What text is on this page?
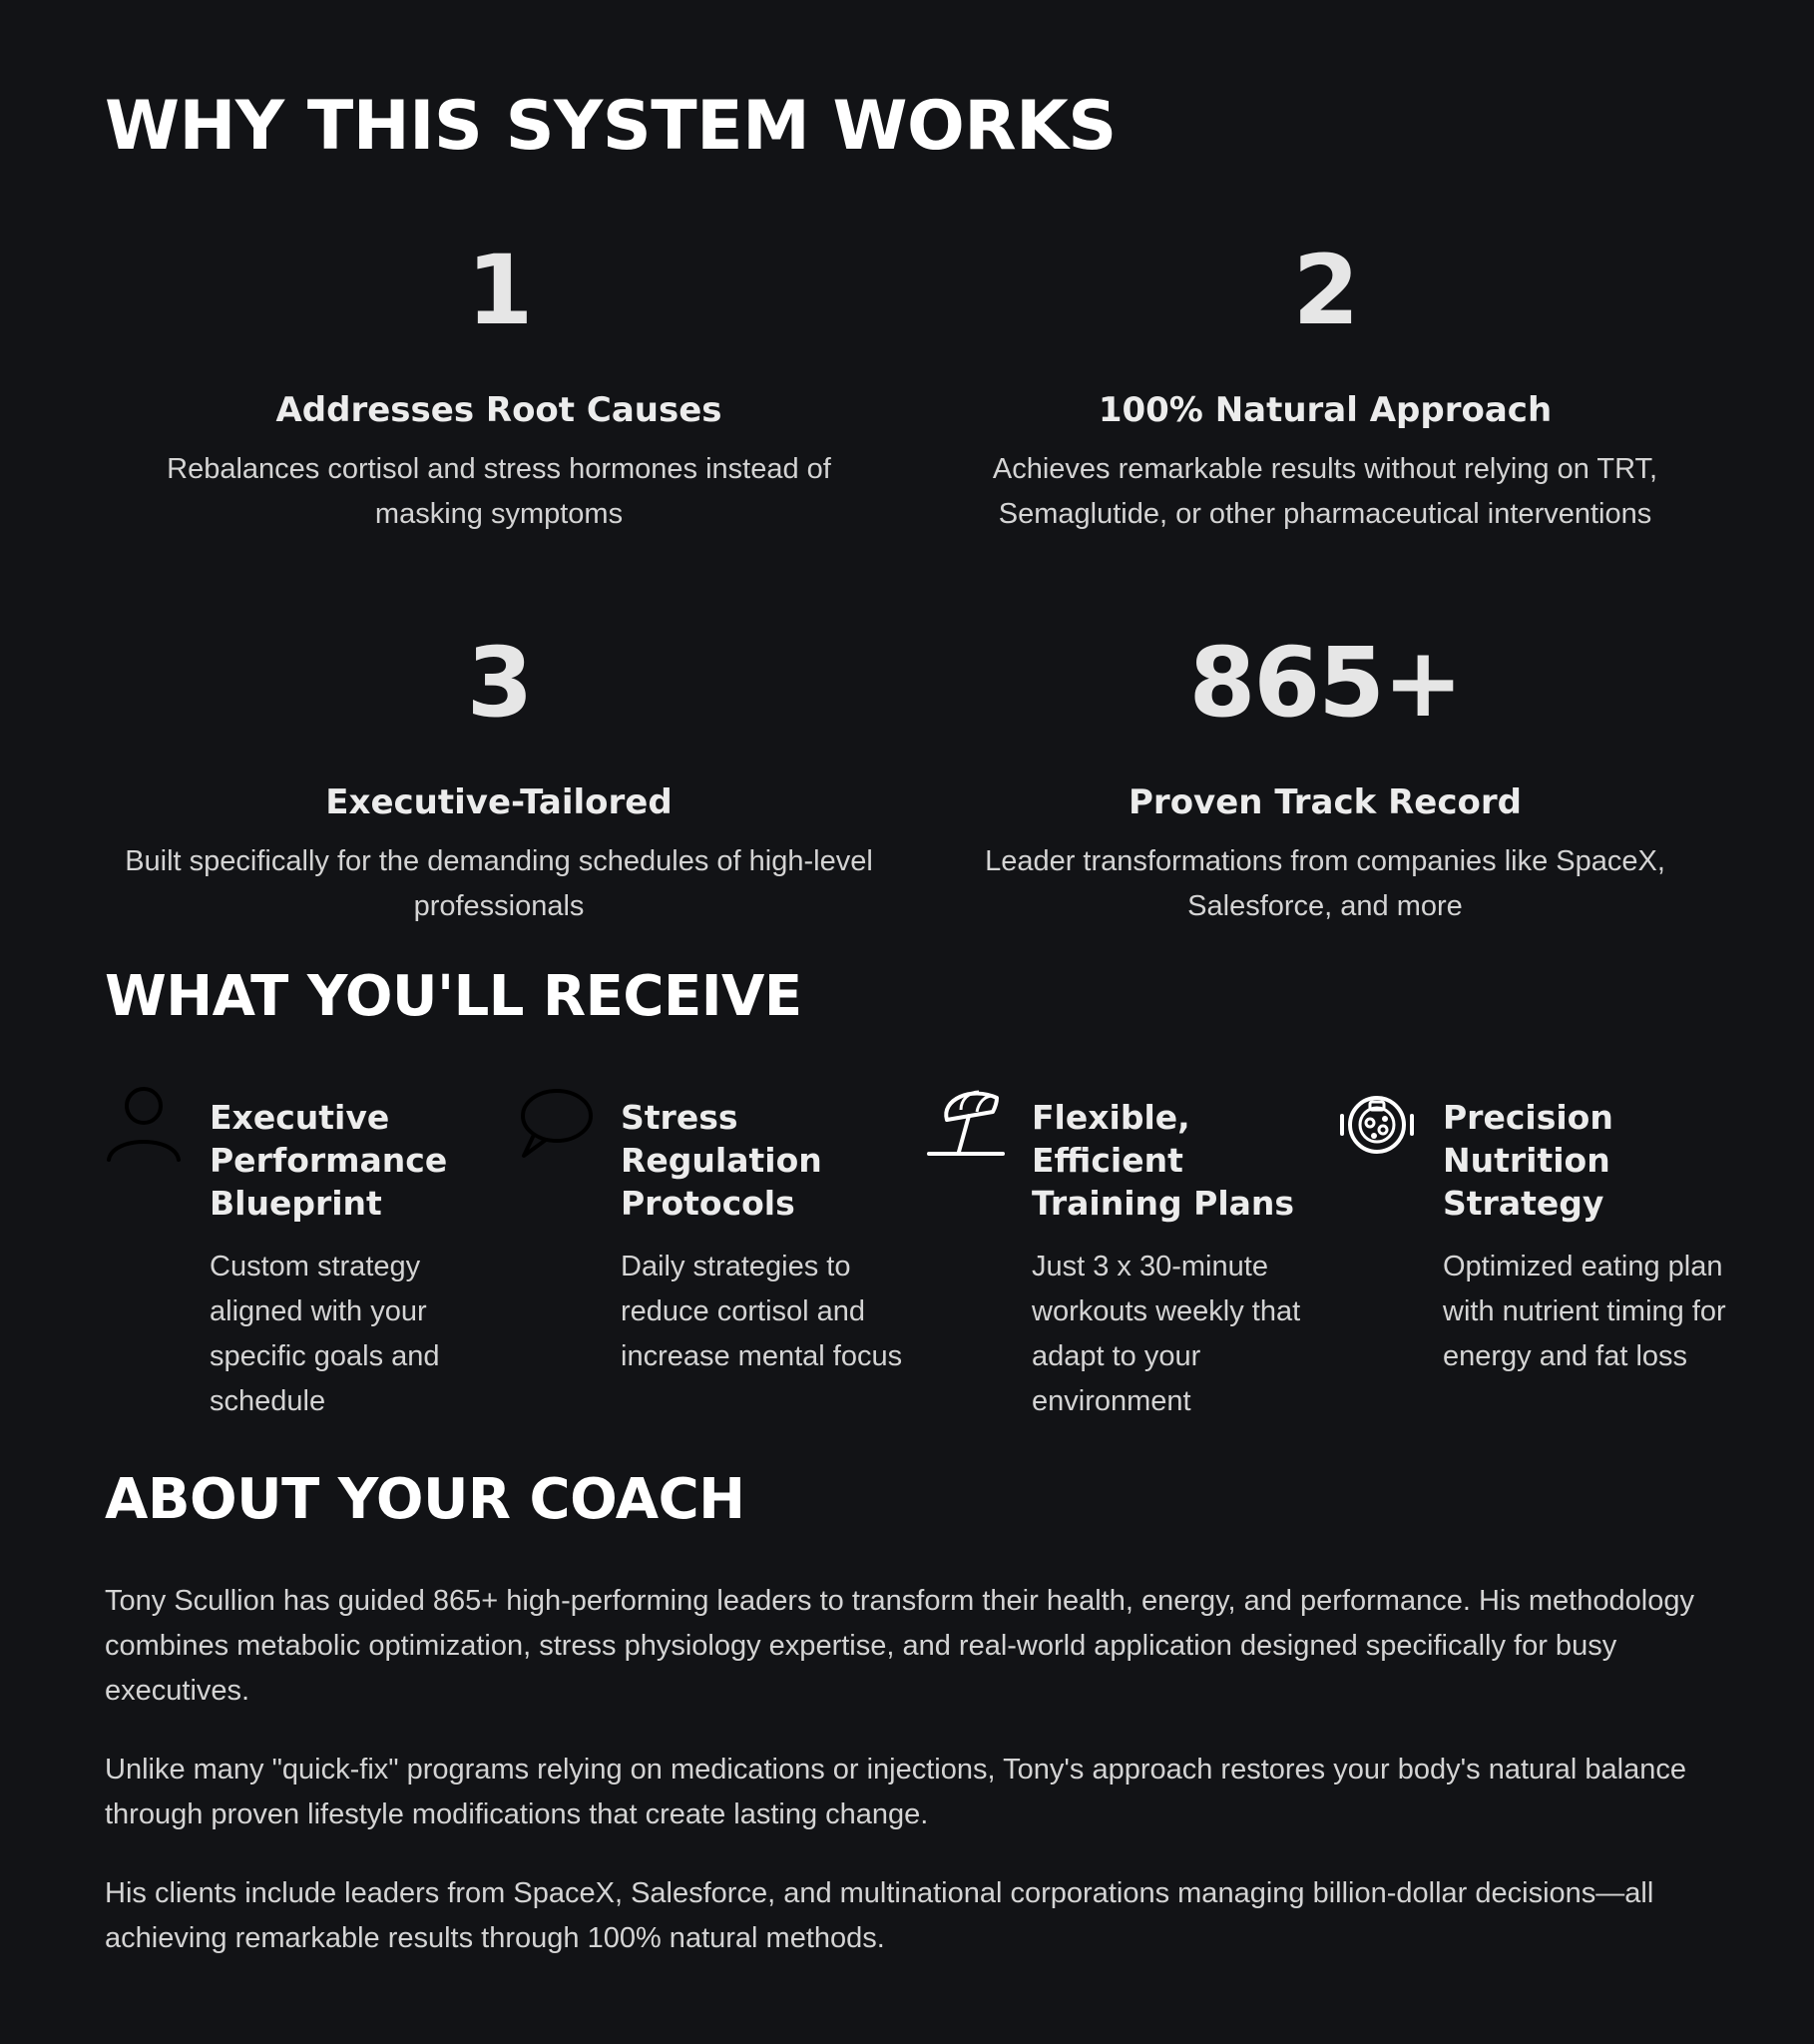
WHY THIS SYSTEM WORKS
1
Addresses Root Causes
Rebalances cortisol and stress hormones instead of masking symptoms
2
100% Natural Approach
Achieves remarkable results without relying on TRT, Semaglutide, or other pharmaceutical interventions
3
Executive-Tailored
Built specifically for the demanding schedules of high-level professionals
865+
Proven Track Record
Leader transformations from companies like SpaceX, Salesforce, and more
WHAT YOU'LL RECEIVE
Executive Performance Blueprint
Custom strategy aligned with your specific goals and schedule
Stress Regulation Protocols
Daily strategies to reduce cortisol and increase mental focus
Flexible, Efficient Training Plans
Just 3 x 30-minute workouts weekly that adapt to your environment
Precision Nutrition Strategy
Optimized eating plan with nutrient timing for energy and fat loss
ABOUT YOUR COACH

Tony Scullion has guided 865+ high-performing leaders to transform their health, energy, and performance. His methodology combines metabolic optimization, stress physiology expertise, and real-world application designed specifically for busy executives.

Unlike many "quick-fix" programs relying on medications or injections, Tony's approach restores your body's natural balance through proven lifestyle modifications that create lasting change.

His clients include leaders from SpaceX, Salesforce, and multinational corporations managing billion-dollar decisions—all achieving remarkable results through 100% natural methods.
